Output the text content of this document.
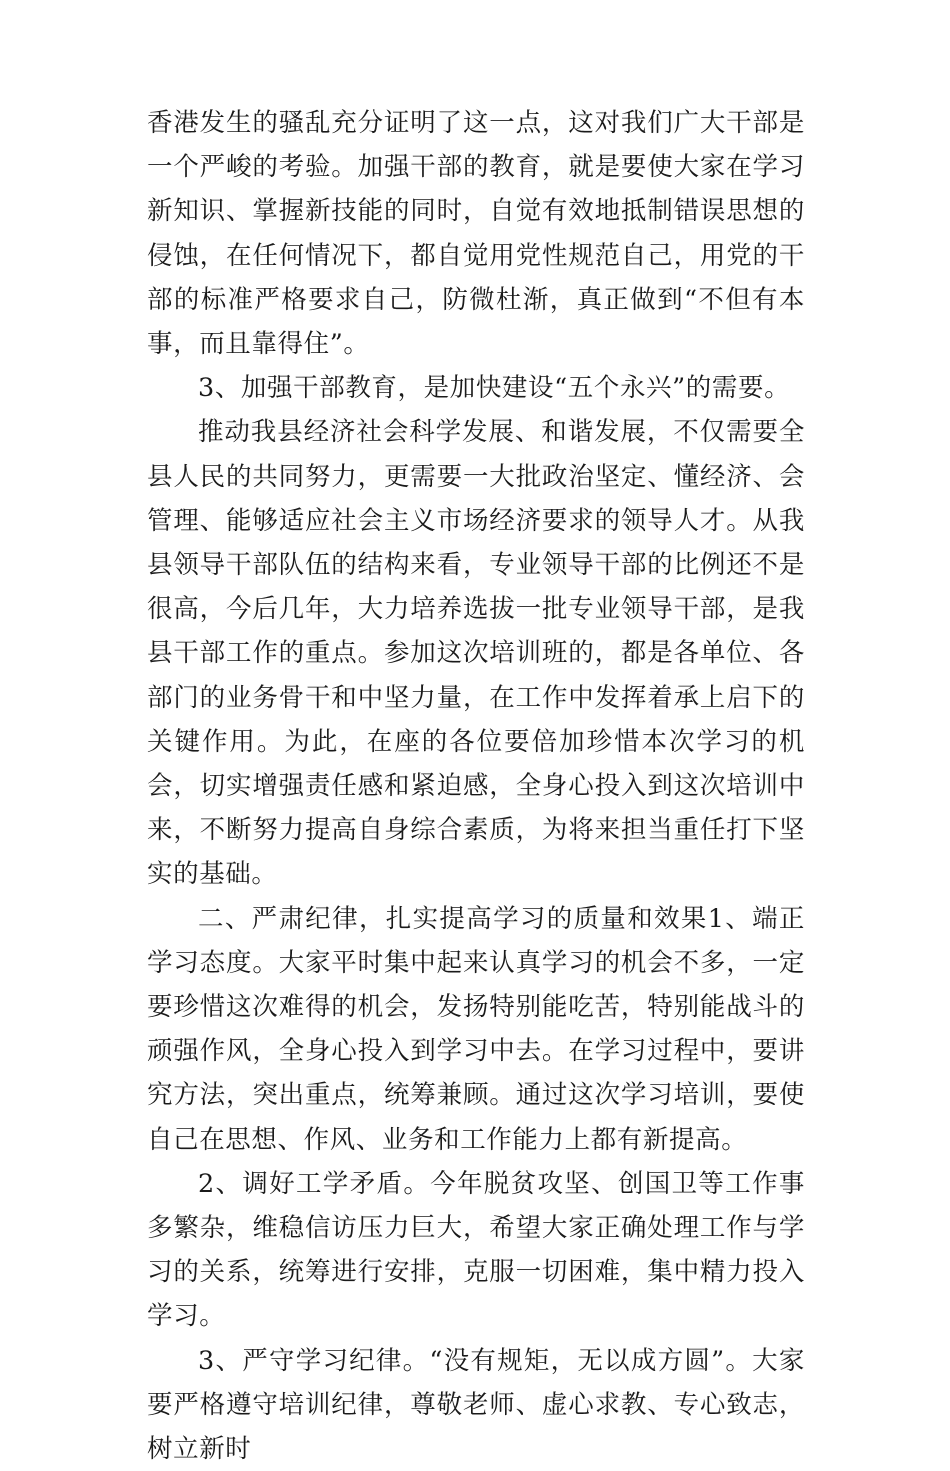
香港发生的骚乱充分证明了这一点，这对我们广大干部是一个严峻的考验。加强干部的教育，就是要使大家在学习新知识、掌握新技能的同时，自觉有效地抵制错误思想的侵蚀，在任何情况下，都自觉用党性规范自己，用党的干部的标准严格要求自己，防微杜渐，真正做到“不但有本事，而且靠得住”。

3、加强干部教育，是加快建设“五个永兴”的需要。

推动我县经济社会科学发展、和谐发展，不仅需要全县人民的共同努力，更需要一大批政治坚定、懂经济、会管理、能够适应社会主义市场经济要求的领导人才。从我县领导干部队伍的结构来看，专业领导干部的比例还不是很高，今后几年，大力培养选拔一批专业领导干部，是我县干部工作的重点。参加这次培训班的，都是各单位、各部门的业务骨干和中坚力量，在工作中发挥着承上启下的关键作用。为此，在座的各位要倍加珍惜本次学习的机会，切实增强责任感和紧迫感，全身心投入到这次培训中来，不断努力提高自身综合素质，为将来担当重任打下坚实的基础。

二、严肃纪律，扎实提高学习的质量和效果1、端正学习态度。大家平时集中起来认真学习的机会不多，一定要珍惜这次难得的机会，发扬特别能吃苦，特别能战斗的顽强作风，全身心投入到学习中去。在学习过程中，要讲究方法，突出重点，统筹兼顾。通过这次学习培训，要使自己在思想、作风、业务和工作能力上都有新提高。

2、调好工学矛盾。今年脱贫攻坚、创国卫等工作事多繁杂，维稳信访压力巨大，希望大家正确处理工作与学习的关系，统筹进行安排，克服一切困难，集中精力投入学习。

3、严守学习纪律。“没有规矩，无以成方圆”。大家要严格遵守培训纪律，尊敬老师、虚心求教、专心致志，树立新时
